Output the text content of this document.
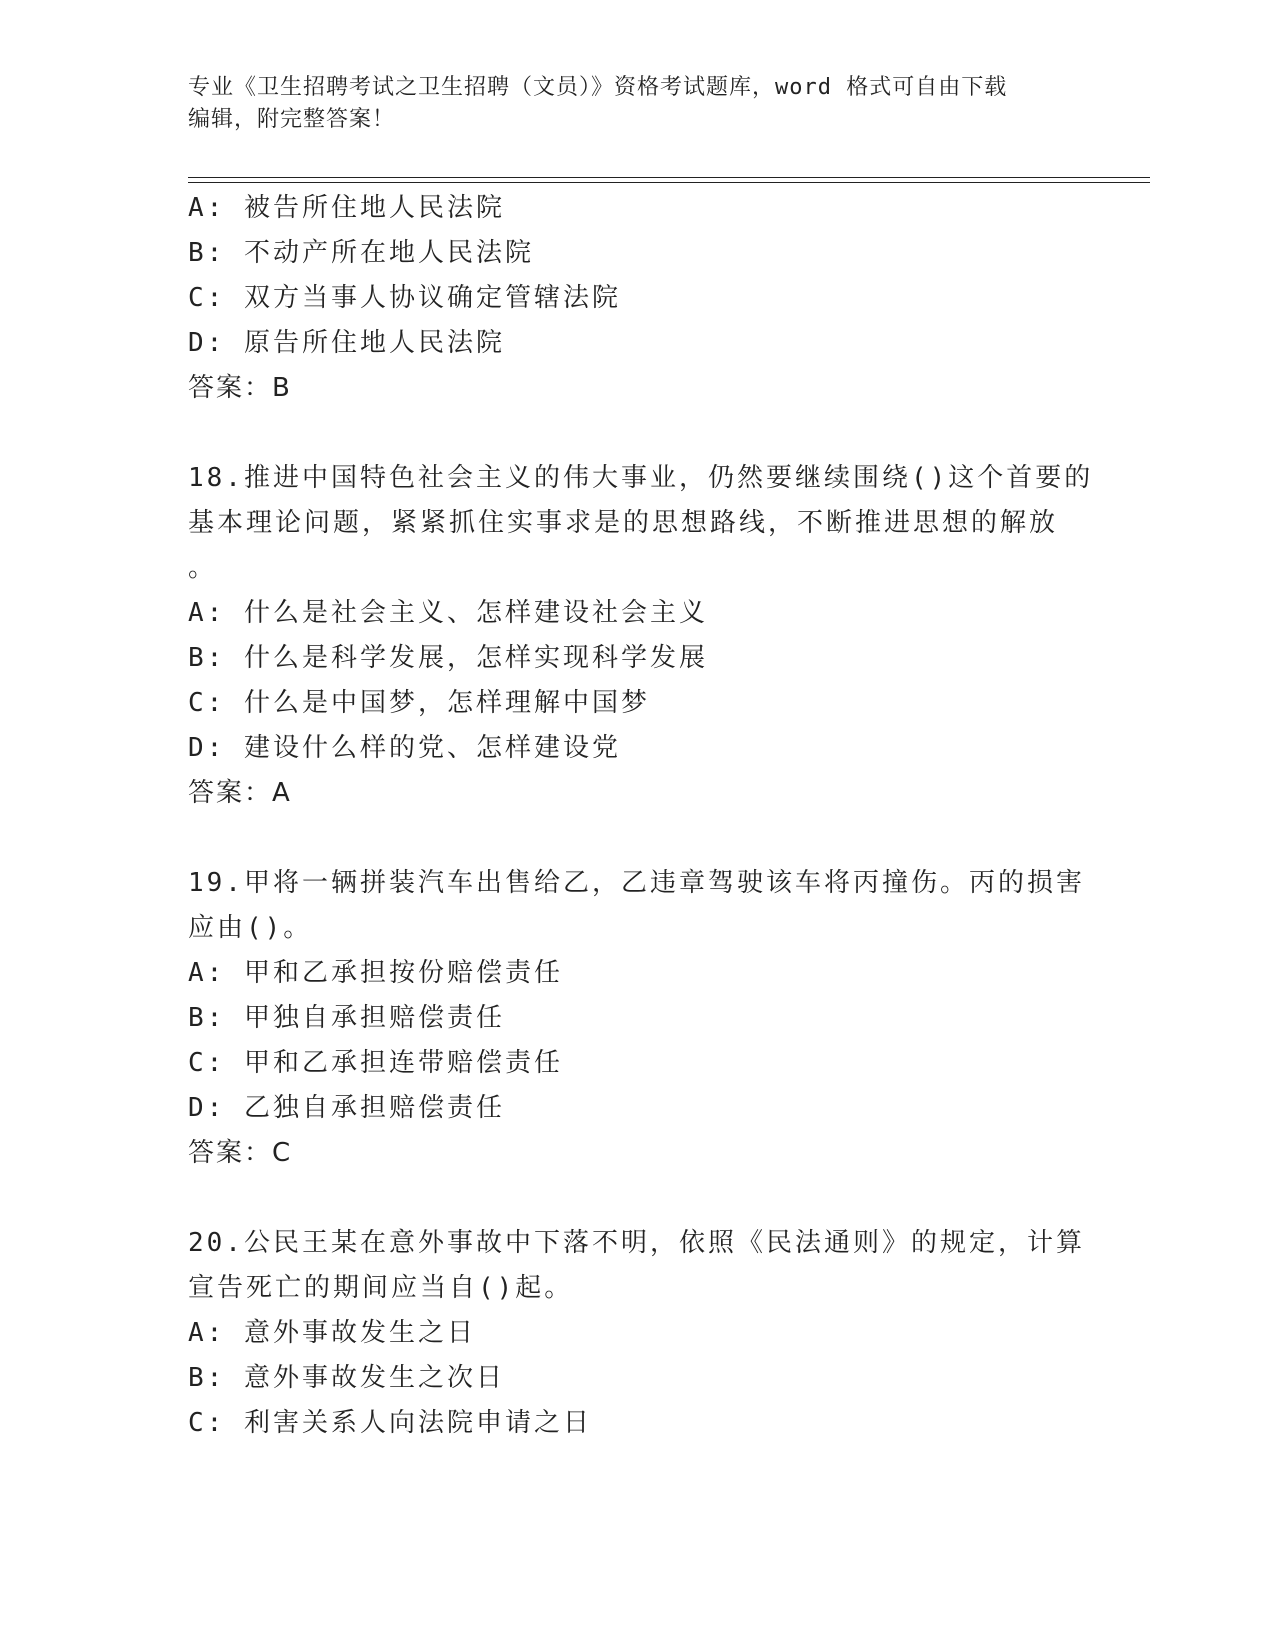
专业《卫生招聘考试之卫生招聘（文员）》资格考试题库，word 格式可自由下载
编辑，附完整答案！
A: 被告所住地人民法院
B: 不动产所在地人民法院
C: 双方当事人协议确定管辖法院
D: 原告所住地人民法院
答案：B
18.推进中国特色社会主义的伟大事业，仍然要继续围绕()这个首要的
基本理论问题，紧紧抓住实事求是的思想路线，不断推进思想的解放
。
A: 什么是社会主义、怎样建设社会主义
B: 什么是科学发展，怎样实现科学发展
C: 什么是中国梦，怎样理解中国梦
D: 建设什么样的党、怎样建设党
答案：A
19.甲将一辆拼装汽车出售给乙，乙违章驾驶该车将丙撞伤。丙的损害
应由()。
A: 甲和乙承担按份赔偿责任
B: 甲独自承担赔偿责任
C: 甲和乙承担连带赔偿责任
D: 乙独自承担赔偿责任
答案：C
20.公民王某在意外事故中下落不明，依照《民法通则》的规定，计算
宣告死亡的期间应当自()起。
A: 意外事故发生之日
B: 意外事故发生之次日
C: 利害关系人向法院申请之日
